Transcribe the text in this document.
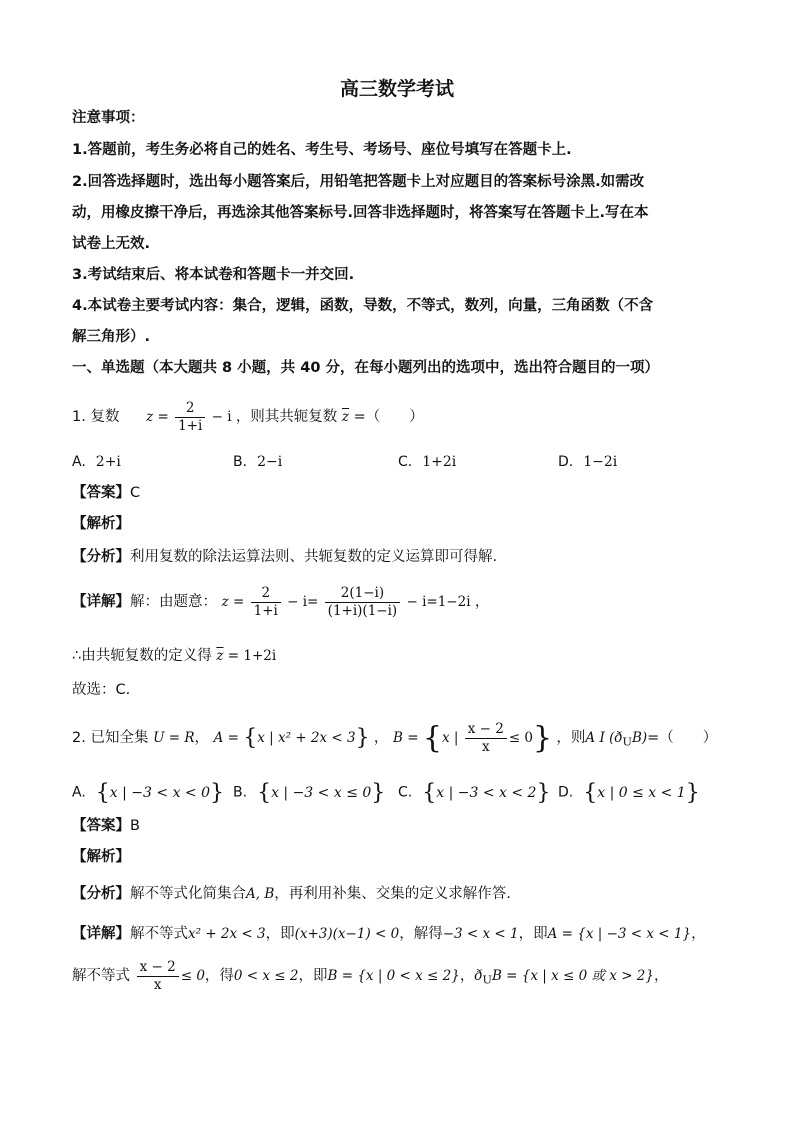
高三数学考试
注意事项：
1.答题前，考生务必将自己的姓名、考生号、考场号、座位号填写在答题卡上.
2.回答选择题时，选出每小题答案后，用铅笔把答题卡上对应题目的答案标号涂黑.如需改
动，用橡皮擦干净后，再选涂其他答案标号.回答非选择题时，将答案写在答题卡上.写在本
试卷上无效.
3.考试结束后、将本试卷和答题卡一并交回.
4.本试卷主要考试内容：集合，逻辑，函数，导数，不等式，数列，向量，三角函数（不含
解三角形）.
一、单选题（本大题共 8 小题，共 40 分，在每小题列出的选项中，选出符合题目的一项）
1. 复数 $z = \frac{2}{1+i} - i$ ，则其共轭复数 $\overline{z}$ =（　　）
A. 2+i	B. 2−i	C. 1+2i	D. 1−2i
【答案】C
【解析】
【分析】利用复数的除法运算法则、共轭复数的定义运算即可得解.
【详解】解：由题意： $z = \frac{2}{1+i} - i= \frac{2(1-i)}{(1+i)(1-i)} - i=1-2i$ ，
∴由共轭复数的定义得 $\overline{z} = 1+2i$
故选：C.
2. 已知全集 U = R， A = {x | x² + 2x < 3} ， B = {x | $\frac{x - 2}{x} \le 0$} ，则A I $(ð_UB)=$（　　）
A. {x | −3 < x < 0} B. {x | −3 < x ≤ 0} C. {x | −3 < x < 2} D. {x | 0 ≤ x < 1}
【答案】B
【解析】
【分析】解不等式化简集合A, B，再利用补集、交集的定义求解作答.
【详解】解不等式x² + 2x < 3，即(x+3)(x−1) < 0，解得−3 < x < 1，即A = {x | −3 < x < 1}，
解不等式 $\frac{x - 2}{x} \le 0$，得0 < x ≤ 2，即B = {x | 0 < x ≤ 2}，$ð_UB = \{x$ | x ≤ 0 或 x > 2}，
